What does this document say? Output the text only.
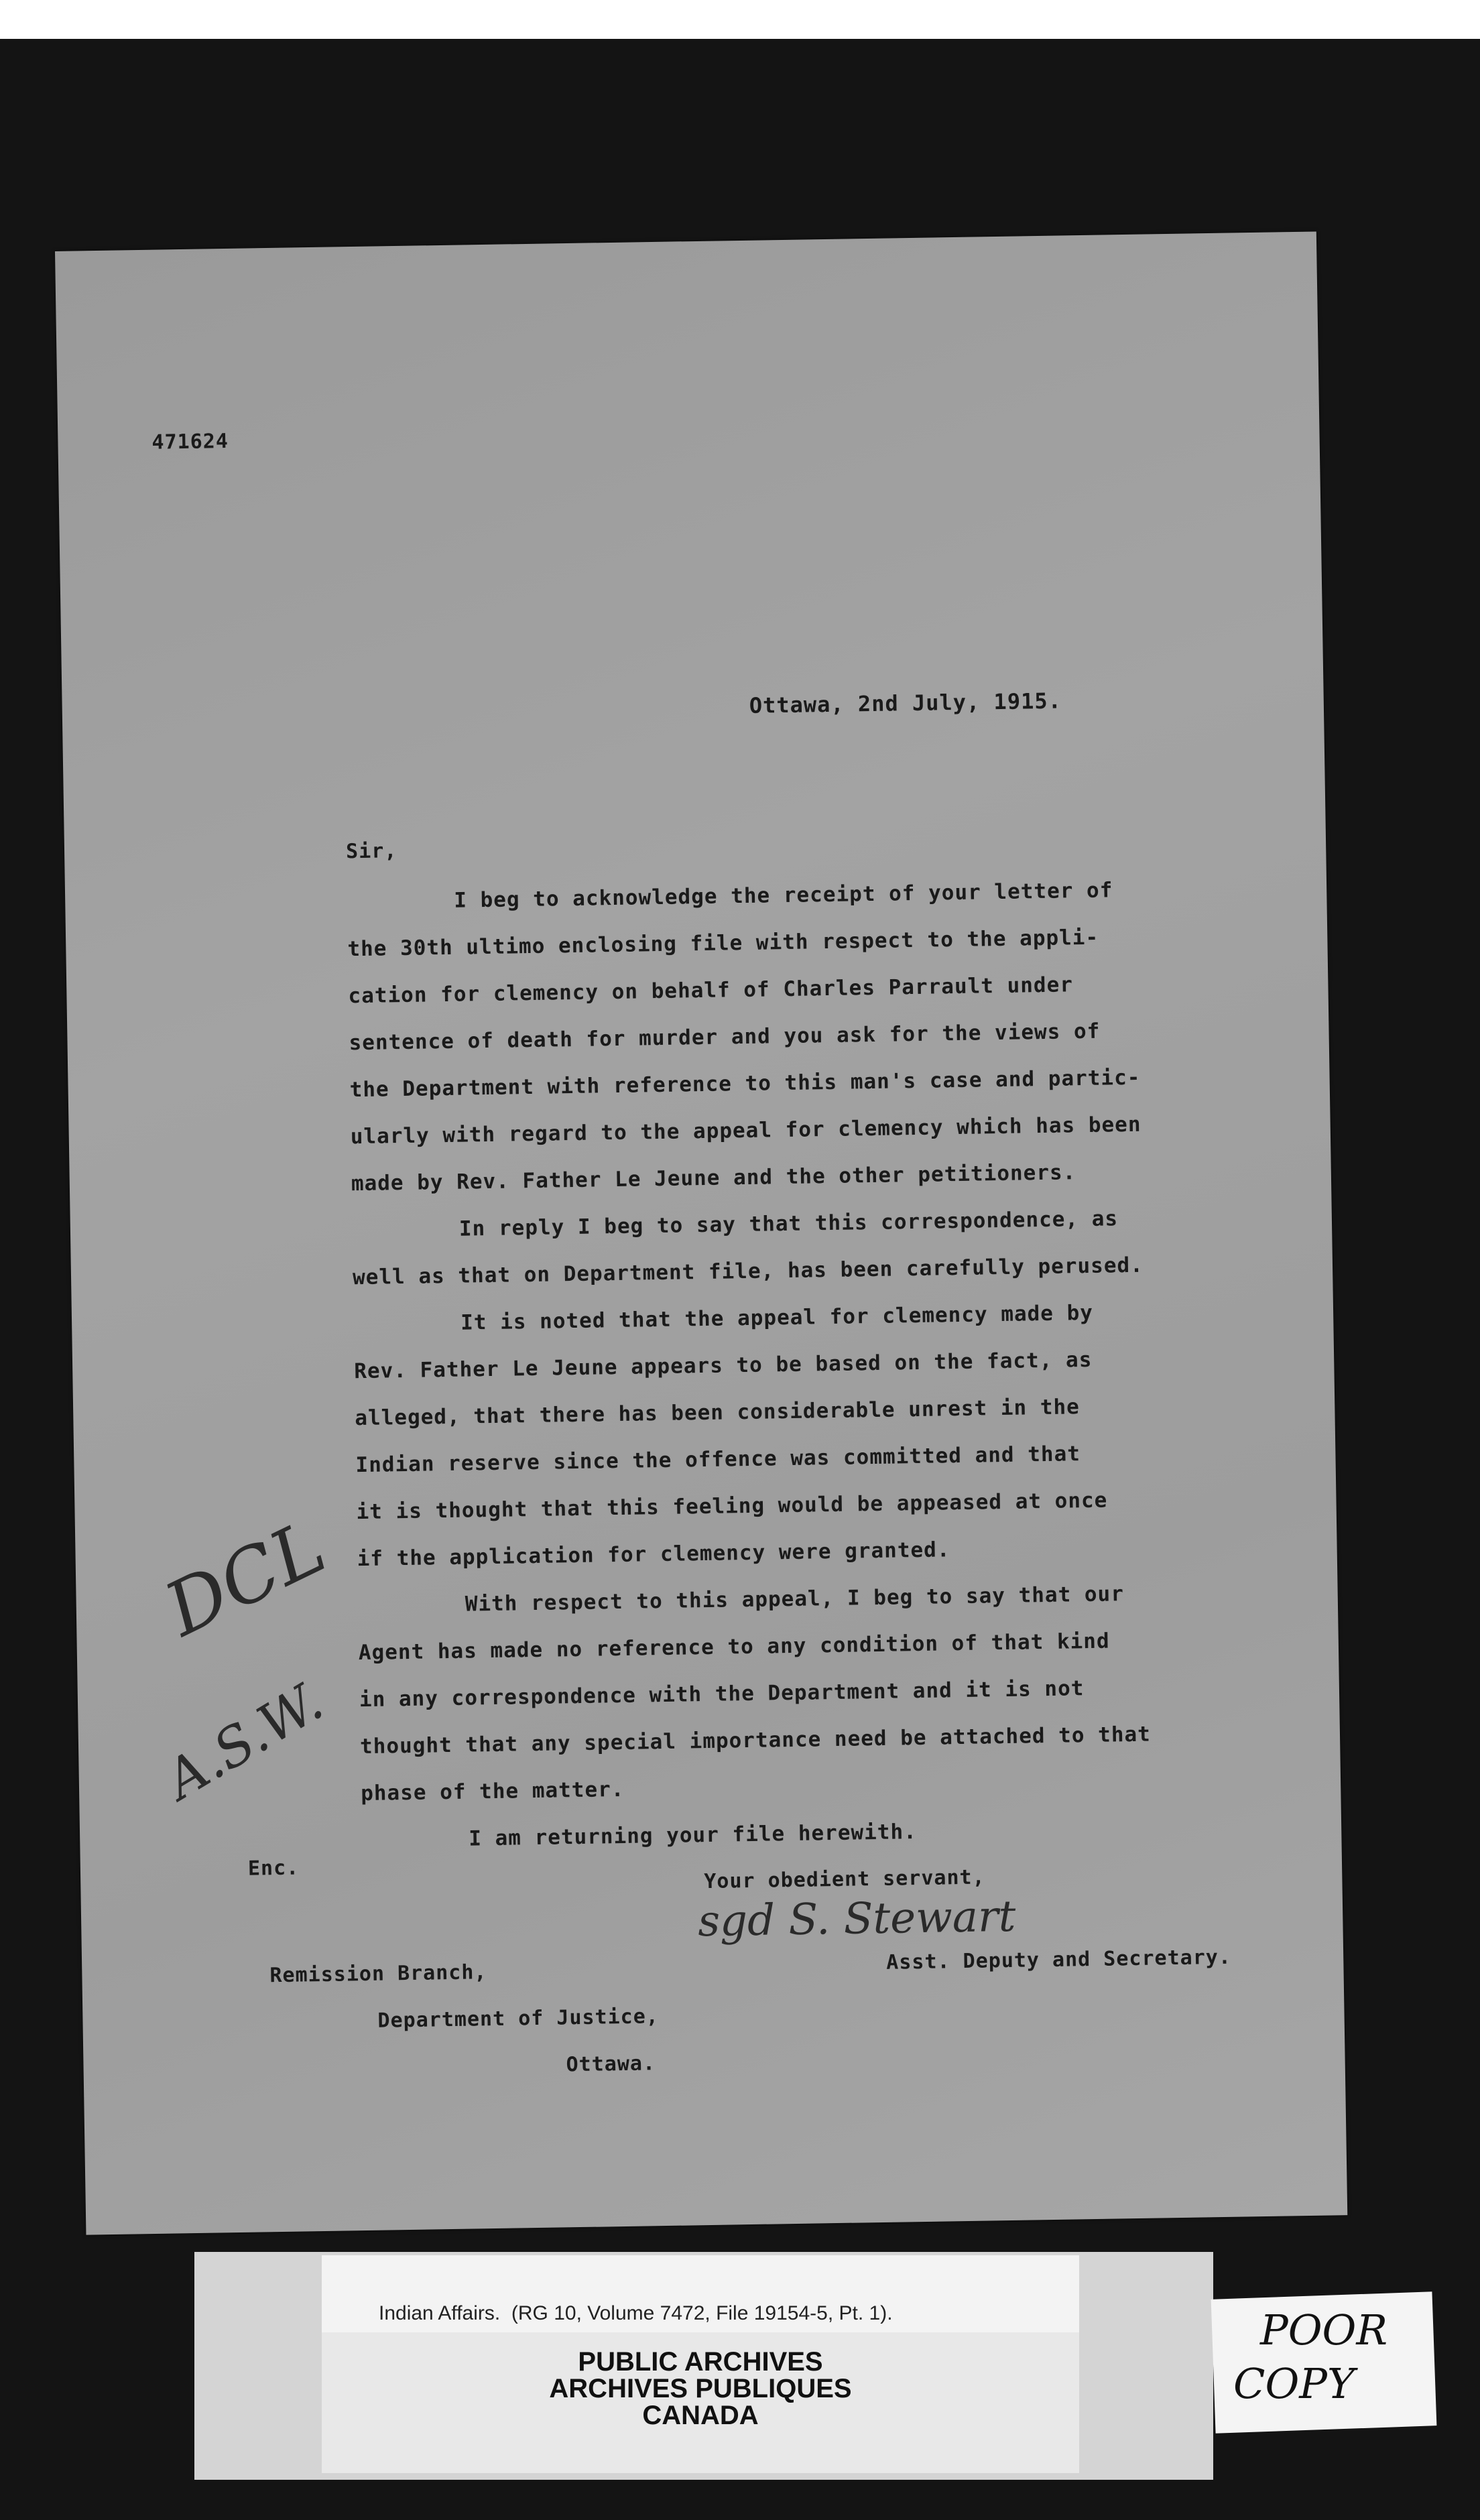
471624
Ottawa, 2nd July, 1915.
Sir,
I beg to acknowledge the receipt of your letter of
the 30th ultimo enclosing file with respect to the appli-
cation for clemency on behalf of Charles Parrault under
sentence of death for murder and you ask for the views of
the Department with reference to this man's case and partic-
ularly with regard to the appeal for clemency which has been
made by Rev. Father Le Jeune and the other petitioners.
In reply I beg to say that this correspondence, as
well as that on Department file, has been carefully perused.
It is noted that the appeal for clemency made by
Rev. Father Le Jeune appears to be based on the fact, as
alleged, that there has been considerable unrest in the
Indian reserve since the offence was committed and that
it is thought that this feeling would be appeased at once
if the application for clemency were granted.
With respect to this appeal, I beg to say that our
Agent has made no reference to any condition of that kind
in any correspondence with the Department and it is not
thought that any special importance need be attached to that
phase of the matter.
I am returning your file herewith.
Your obedient servant,
Enc.
sgd S. Stewart
Asst. Deputy and Secretary.
Remission Branch,
Department of Justice,
Ottawa.
DCL
A.S.W.
Indian Affairs.  (RG 10, Volume 7472, File 19154-5, Pt. 1).
PUBLIC ARCHIVES
ARCHIVES PUBLIQUES
CANADA
POOR
COPY
